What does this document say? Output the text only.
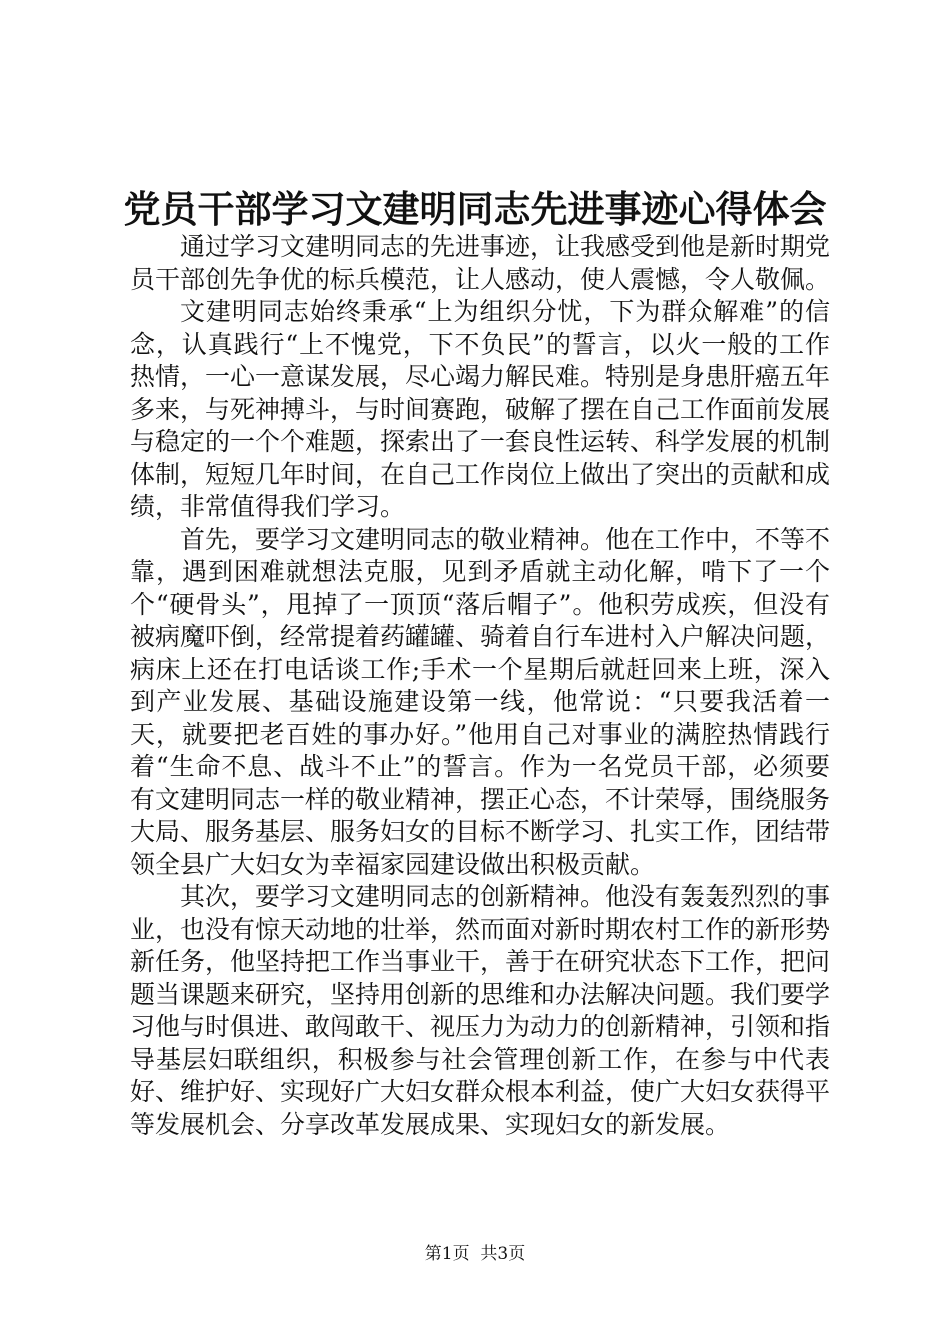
党员干部学习文建明同志先进事迹心得体会

通过学习文建明同志的先进事迹，让我感受到他是新时期党员干部创先争优的标兵模范，让人感动，使人震憾，令人敬佩。

文建明同志始终秉承“上为组织分忧，下为群众解难”的信念，认真践行“上不愧党，下不负民”的誓言，以火一般的工作热情，一心一意谋发展，尽心竭力解民难。特别是身患肝癌五年多来，与死神搏斗，与时间赛跑，破解了摆在自己工作面前发展与稳定的一个个难题，探索出了一套良性运转、科学发展的机制体制，短短几年时间，在自己工作岗位上做出了突出的贡献和成绩，非常值得我们学习。

首先，要学习文建明同志的敬业精神。他在工作中，不等不靠，遇到困难就想法克服，见到矛盾就主动化解，啃下了一个个“硬骨头”，甩掉了一顶顶“落后帽子”。他积劳成疾，但没有被病魔吓倒，经常提着药罐罐、骑着自行车进村入户解决问题，病床上还在打电话谈工作;手术一个星期后就赶回来上班，深入到产业发展、基础设施建设第一线，他常说：“只要我活着一天，就要把老百姓的事办好。”他用自己对事业的满腔热情践行着“生命不息、战斗不止”的誓言。作为一名党员干部，必须要有文建明同志一样的敬业精神，摆正心态，不计荣辱，围绕服务大局、服务基层、服务妇女的目标不断学习、扎实工作，团结带领全县广大妇女为幸福家园建设做出积极贡献。

其次，要学习文建明同志的创新精神。他没有轰轰烈烈的事业，也没有惊天动地的壮举，然而面对新时期农村工作的新形势新任务，他坚持把工作当事业干，善于在研究状态下工作，把问题当课题来研究，坚持用创新的思维和办法解决问题。我们要学习他与时俱进、敢闯敢干、视压力为动力的创新精神，引领和指导基层妇联组织，积极参与社会管理创新工作，在参与中代表好、维护好、实现好广大妇女群众根本利益，使广大妇女获得平等发展机会、分享改革发展成果、实现妇女的新发展。

第1页 共3页
